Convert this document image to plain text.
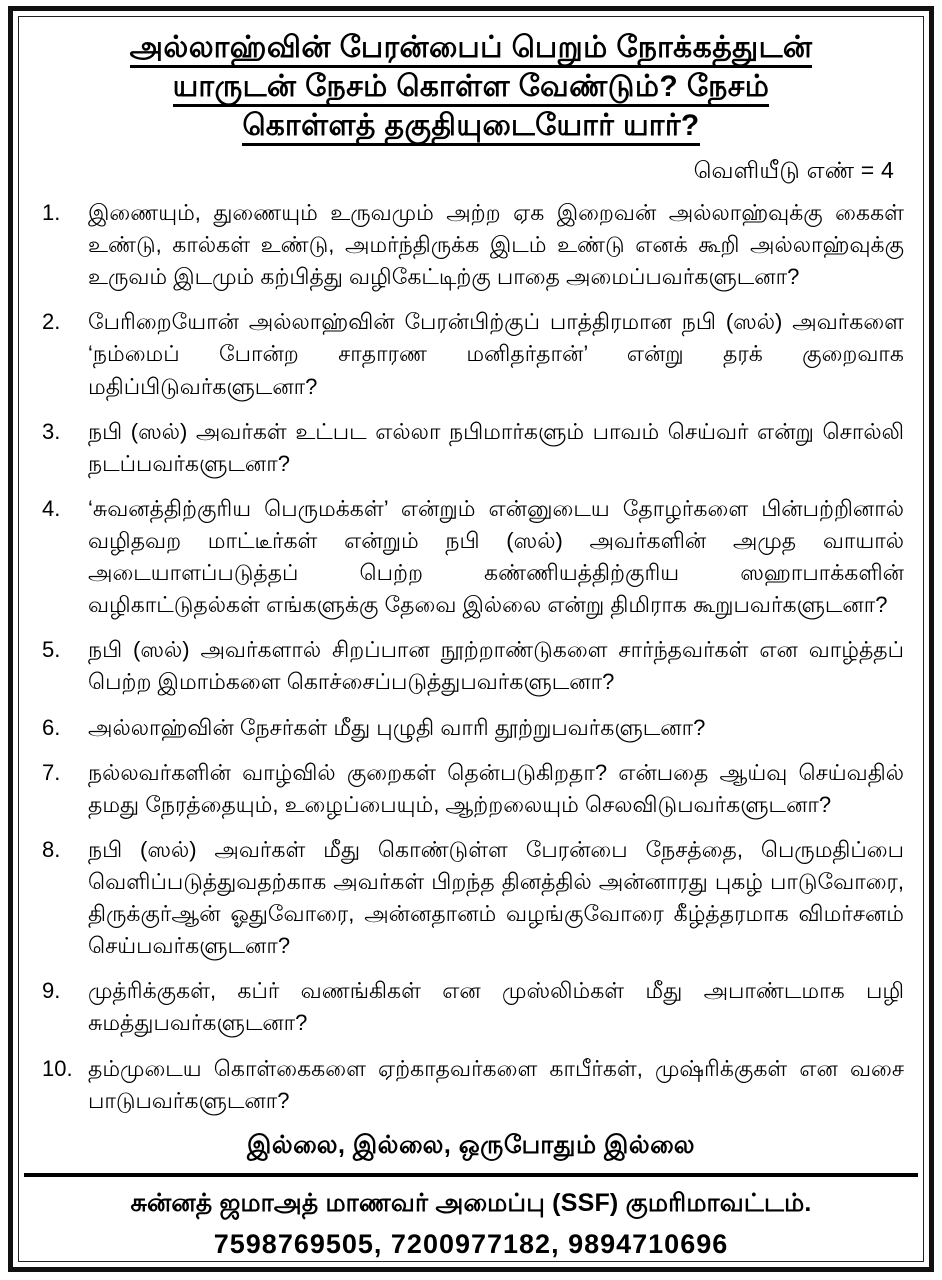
அல்லாஹ்வின் பேரன்பைப் பெறும் நோக்கத்துடன்
யாருடன் நேசம் கொள்ள வேண்டும்? நேசம்
கொள்ளத் தகுதியுடையோர் யார்?
வெளியீடு எண் = 4
1.	இணையும், துணையும் உருவமும் அற்ற ஏக இறைவன் அல்லாஹ்வுக்கு கைகள் உண்டு, கால்கள் உண்டு, அமர்ந்திருக்க இடம் உண்டு எனக் கூறி அல்லாஹ்வுக்கு உருவம் இடமும் கற்பித்து வழிகேட்டிற்கு பாதை அமைப்பவர்களுடனா?
2.	பேரிறையோன் அல்லாஹ்வின் பேரன்பிற்குப் பாத்திரமான நபி (ஸல்) அவர்களை ‘நம்மைப் போன்ற சாதாரண மனிதர்தான்’ என்று தரக் குறைவாக மதிப்பிடுவர்களுடனா?
3.	நபி (ஸல்) அவர்கள் உட்பட எல்லா நபிமார்களும் பாவம் செய்வர் என்று சொல்லி நடப்பவர்களுடனா?
4.	‘சுவனத்திற்குரிய பெருமக்கள்’ என்றும் என்னுடைய தோழர்களை பின்பற்றினால் வழிதவற மாட்டீர்கள் என்றும் நபி (ஸல்) அவர்களின் அமுத வாயால் அடையாளப்படுத்தப் பெற்ற கண்ணியத்திற்குரிய ஸஹாபாக்களின் வழிகாட்டுதல்கள் எங்களுக்கு தேவை இல்லை என்று திமிராக கூறுபவர்களுடனா?
5.	நபி (ஸல்) அவர்களால் சிறப்பான நூற்றாண்டுகளை சார்ந்தவர்கள் என வாழ்த்தப் பெற்ற இமாம்களை கொச்சைப்படுத்துபவர்களுடனா?
6.	அல்லாஹ்வின் நேசர்கள் மீது புழுதி வாரி தூற்றுபவர்களுடனா?
7.	நல்லவர்களின் வாழ்வில் குறைகள் தென்படுகிறதா? என்பதை ஆய்வு செய்வதில் தமது நேரத்தையும், உழைப்பையும், ஆற்றலையும் செலவிடுபவர்களுடனா?
8.	நபி (ஸல்) அவர்கள் மீது கொண்டுள்ள பேரன்பை நேசத்தை, பெருமதிப்பை வெளிப்படுத்துவதற்காக அவர்கள் பிறந்த தினத்தில் அன்னாரது புகழ் பாடுவோரை, திருக்குர்ஆன் ஓதுவோரை, அன்னதானம் வழங்குவோரை கீழ்த்தரமாக விமர்சனம் செய்பவர்களுடனா?
9.	முத்ரிக்குகள், கப்ர் வணங்கிகள் என முஸ்லிம்கள் மீது அபாண்டமாக பழி சுமத்துபவர்களுடனா?
10. தம்முடைய கொள்கைகளை ஏற்காதவர்களை காபீர்கள், முஷ்ரிக்குகள் என வசை பாடுபவர்களுடனா?
இல்லை, இல்லை, ஒருபோதும் இல்லை
சுன்னத் ஜமாஅத் மாணவர் அமைப்பு (SSF) குமரிமாவட்டம்.
7598769505, 7200977182, 9894710696
